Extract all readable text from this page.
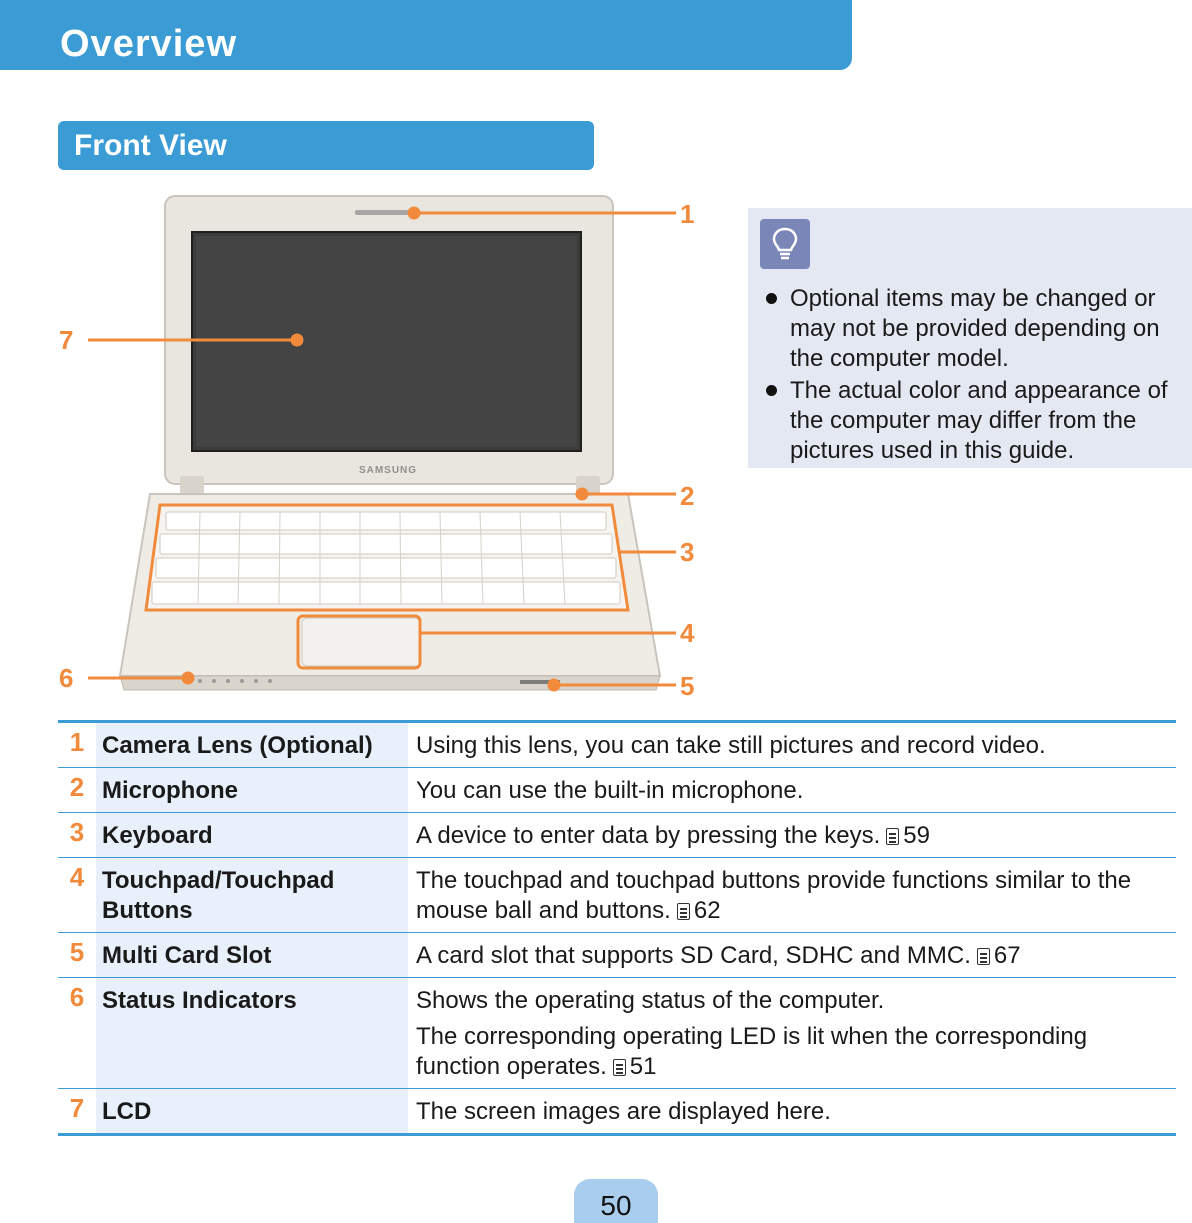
Overview
Front View
SAMSUNG
1
2
3
4
5
6
7
Optional items may be changed or may not be provided depending on the computer model.
The actual color and appearance of the computer may differ from the pictures used in this guide.
1	Camera Lens (Optional)	Using this lens, you can take still pictures and record video.
2	Microphone	You can use the built-in microphone.
3	Keyboard	A device to enter data by pressing the keys. 59
4	Touchpad/Touchpad Buttons	The touchpad and touchpad buttons provide functions similar to the mouse ball and buttons. 62
5	Multi Card Slot	A card slot that supports SD Card, SDHC and MMC. 67
6	Status Indicators	Shows the operating status of the computer.

The corresponding operating LED is lit when the corresponding function operates. 51

7	LCD	The screen images are displayed here.
50
